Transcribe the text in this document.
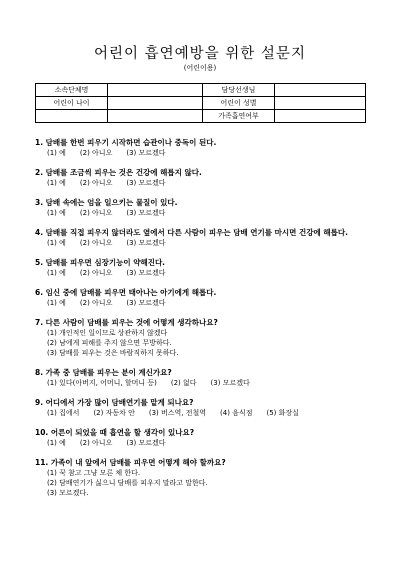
어린이 흡연예방을 위한 설문지
(어린이용)
소속단체명		담당선생님	
어린이 나이		어린이 성별	
		가족흡연여부	
1. 담배를 한번 피우기 시작하면 습관이나 중독이 된다.
(1) 예 (2) 아니오 (3) 모르겠다
2. 담배를 조금씩 피우는 것은 건강에 해롭지 않다.
(1) 예 (2) 아니오 (3) 모르겠다
3. 담배 속에는 엄을 일으키는 물질이 있다.
(1) 예 (2) 아니오 (3) 모르겠다
4. 담배를 직접 피우지 않더라도 옆에서 다른 사람이 피우는 담배 연기를 마시면 건강에 해롭다.
(1) 예 (2) 아니오 (3) 모르겠다
5. 담배를 피우면 심장기능이 약해진다.
(1) 예 (2) 아니오 (3) 모르겠다
6. 임신 중에 담배를 피우면 태아나는 아기에게 해롭다.
(1) 예 (2) 아니오 (3) 모르겠다
7. 다른 사람이 담배를 피우는 것에 어떻게 생각하나요?
(1) 개인적인 일이므로 상관하지 않겠다
(2) 남에게 피해를 주지 않으면 무방하다.
(3) 담배를 피우는 것은 바람직하지 못하다.
8. 가족 중 담배를 피우는 분이 계신가요?
(1) 있다(아버지, 어머니, 할머니 등) (2) 없다 (3) 모르겠다
9. 어디에서 가장 많이 담배연기를 맡게 되나요?
(1) 집에서 (2) 자동차 안 (3) 버스역, 전철역 (4) 음식점 (5) 화장실
10. 어른이 되었을 때 흡연을 할 생각이 있나요?
(1) 예 (2) 아니오 (3) 모르겠다
11. 가족이 내 앞에서 담배를 피우면 어떻게 해야 할까요?
(1) 꾹 참고 그냥 모른 체 한다.
(2) 담배연기가 싫으니 담배를 피우지 말라고 말한다.
(3) 모르겠다.
